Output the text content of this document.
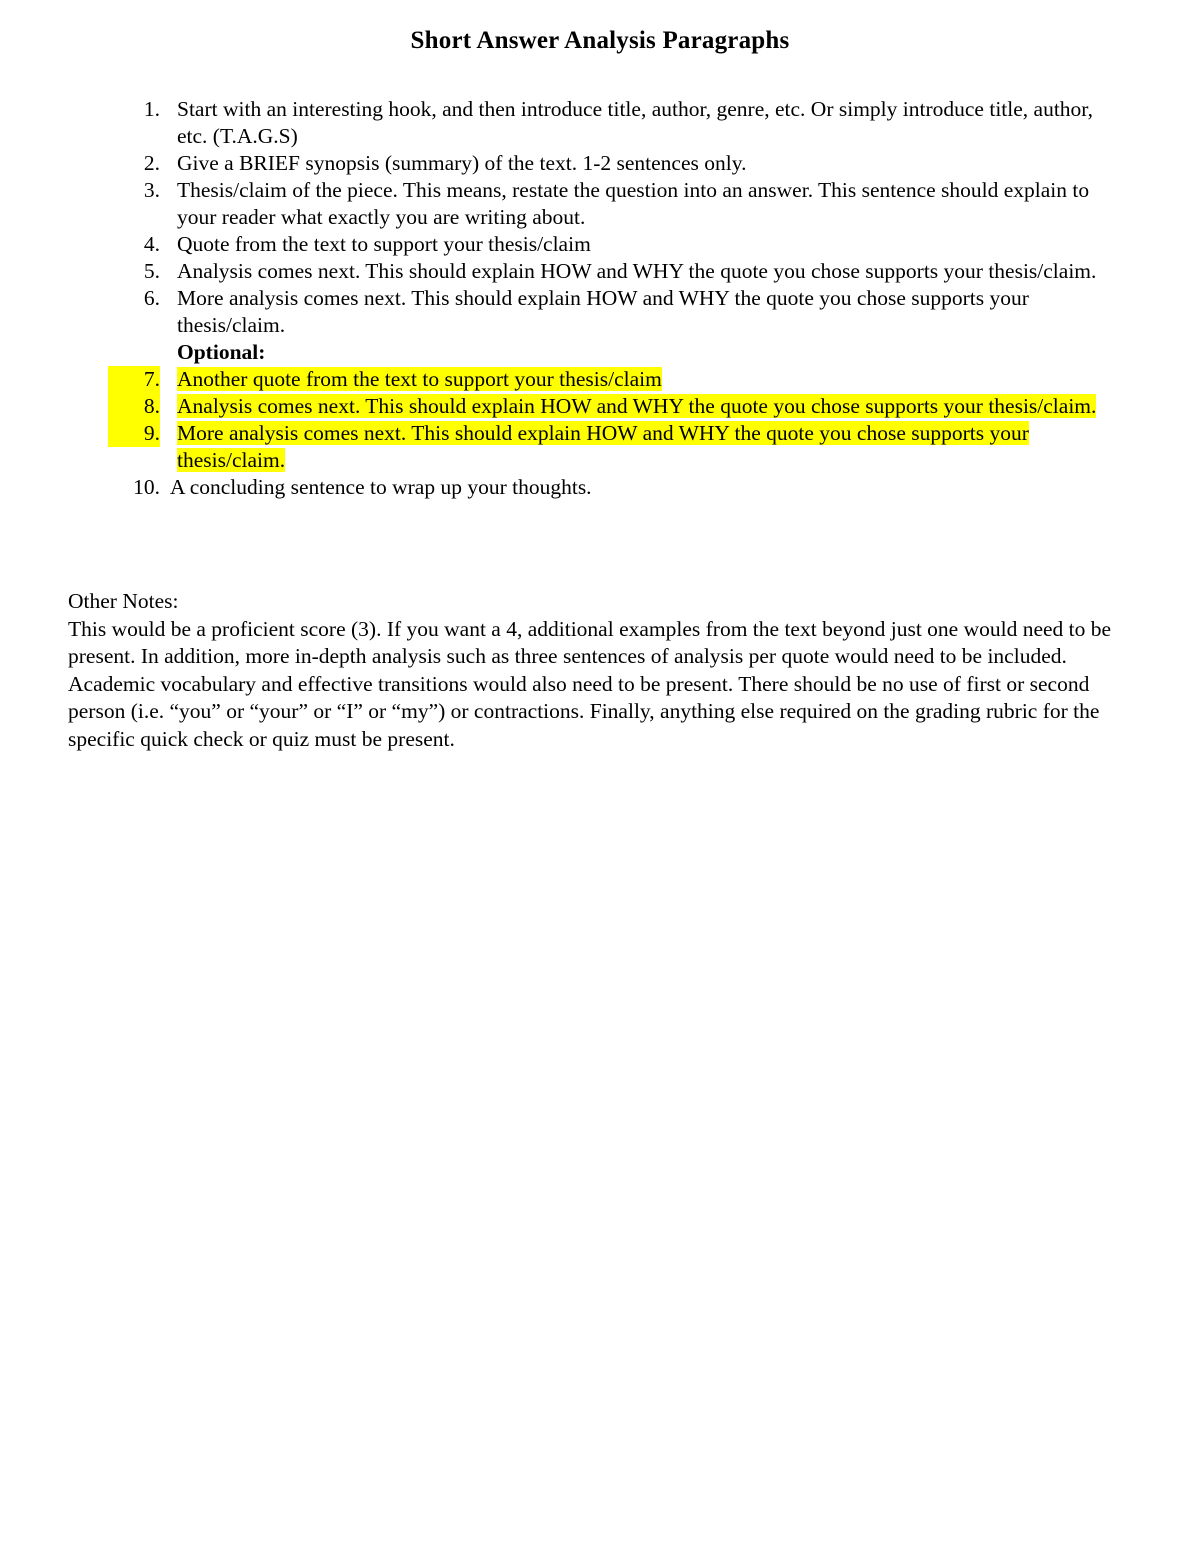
Short Answer Analysis Paragraphs
1. Start with an interesting hook, and then introduce title, author, genre, etc. Or simply introduce title, author, etc. (T.A.G.S)
2. Give a BRIEF synopsis (summary) of the text. 1-2 sentences only.
3. Thesis/claim of the piece. This means, restate the question into an answer. This sentence should explain to your reader what exactly you are writing about.
4. Quote from the text to support your thesis/claim
5. Analysis comes next. This should explain HOW and WHY the quote you chose supports your thesis/claim.
6. More analysis comes next. This should explain HOW and WHY the quote you chose supports your thesis/claim.
Optional:
7. Another quote from the text to support your thesis/claim
8. Analysis comes next. This should explain HOW and WHY the quote you chose supports your thesis/claim.
9. More analysis comes next. This should explain HOW and WHY the quote you chose supports your thesis/claim.
10. A concluding sentence to wrap up your thoughts.
Other Notes:
This would be a proficient score (3). If you want a 4, additional examples from the text beyond just one would need to be present. In addition, more in-depth analysis such as three sentences of analysis per quote would need to be included. Academic vocabulary and effective transitions would also need to be present. There should be no use of first or second person (i.e. “you” or “your” or “I” or “my”) or contractions. Finally, anything else required on the grading rubric for the specific quick check or quiz must be present.
